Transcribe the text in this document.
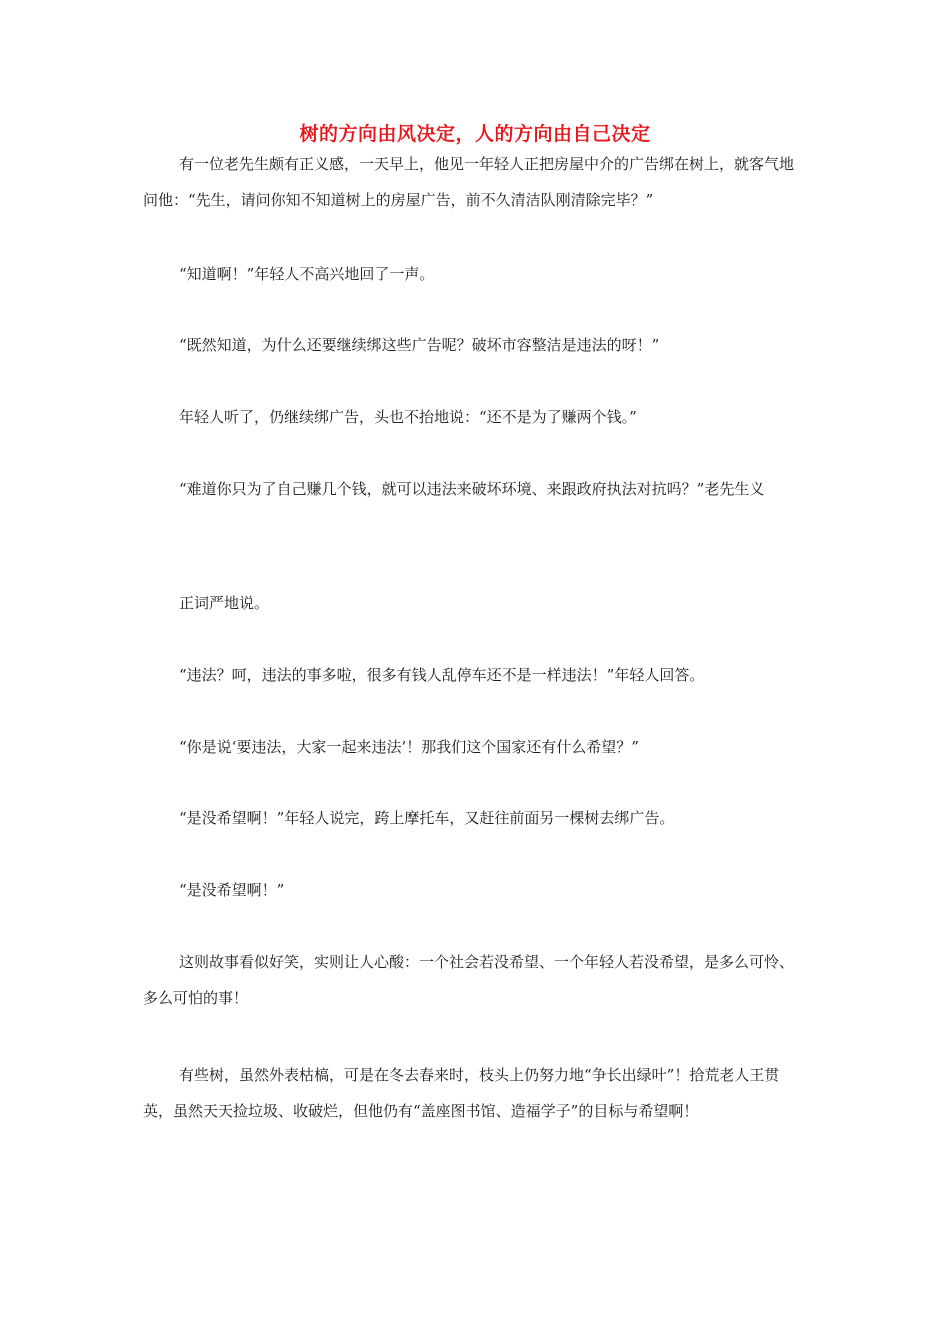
树的方向由风决定，人的方向由自己决定

有一位老先生颇有正义感，一天早上，他见一年轻人正把房屋中介的广告绑在树上，就客气地问他：“先生，请问你知不知道树上的房屋广告，前不久清洁队刚清除完毕？”

“知道啊！”年轻人不高兴地回了一声。

“既然知道，为什么还要继续绑这些广告呢？破坏市容整洁是违法的呀！”

年轻人听了，仍继续绑广告，头也不抬地说：“还不是为了赚两个钱。”

“难道你只为了自己赚几个钱，就可以违法来破坏环境、来跟政府执法对抗吗？”老先生义

正词严地说。

“违法？呵，违法的事多啦，很多有钱人乱停车还不是一样违法！”年轻人回答。

“你是说‘要违法，大家一起来违法’！那我们这个国家还有什么希望？”

“是没希望啊！”年轻人说完，跨上摩托车，又赶往前面另一棵树去绑广告。

“是没希望啊！”

这则故事看似好笑，实则让人心酸：一个社会若没希望、一个年轻人若没希望，是多么可怜、多么可怕的事！

有些树，虽然外表枯槁，可是在冬去春来时，枝头上仍努力地“争长出绿叶”！拾荒老人王贯英，虽然天天捡垃圾、收破烂，但他仍有“盖座图书馆、造福学子”的目标与希望啊！
